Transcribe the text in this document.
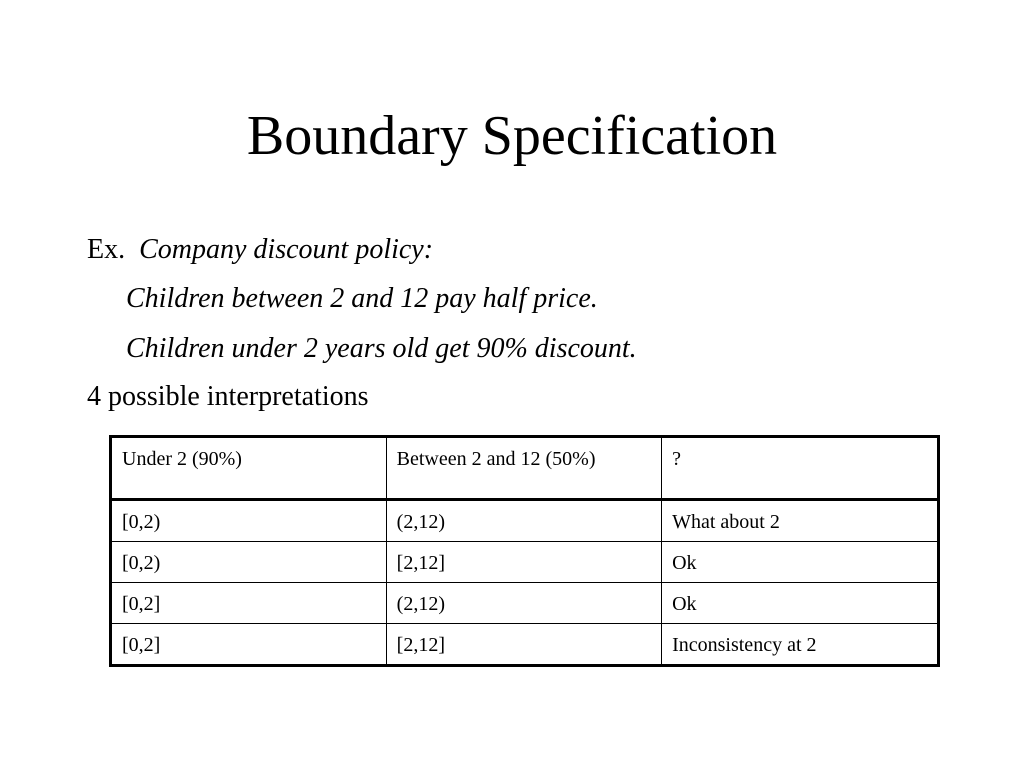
Boundary Specification
Ex. Company discount policy:
Children between 2 and 12 pay half price.
Children under 2 years old get 90% discount.
4 possible interpretations
Under 2 (90%)	Between 2 and 12 (50%)	?
[0,2)	(2,12)	What about 2
[0,2)	[2,12]	Ok
[0,2]	(2,12)	Ok
[0,2]	[2,12]	Inconsistency at 2
